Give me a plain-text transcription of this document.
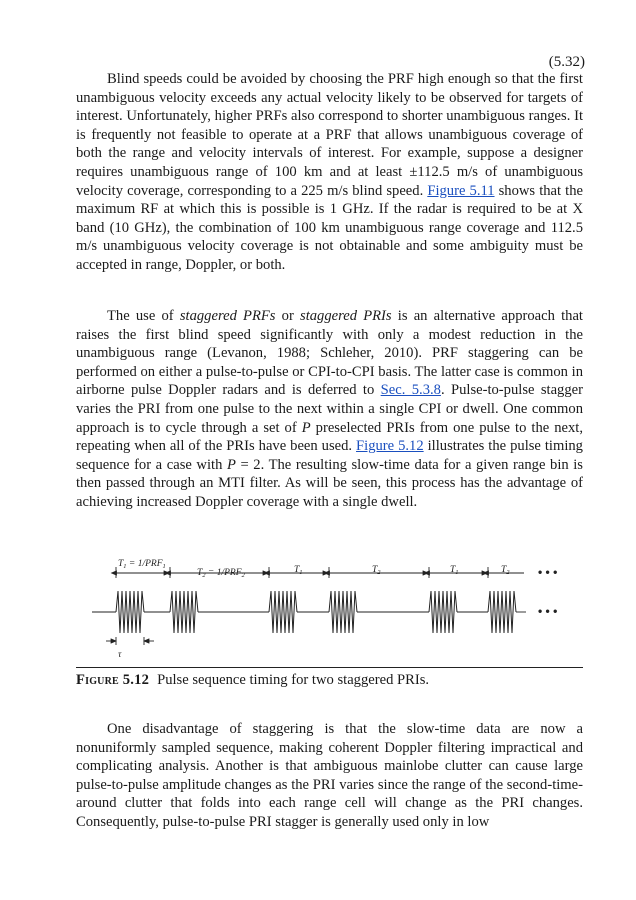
(5.32)

Blind speeds could be avoided by choosing the PRF high enough so that the first unambiguous velocity exceeds any actual velocity likely to be observed for targets of interest. Unfortunately, higher PRFs also correspond to shorter unambiguous ranges. It is frequently not feasible to operate at a PRF that allows unambiguous coverage of both the range and velocity intervals of interest. For example, suppose a designer requires unambiguous range of 100 km and at least ±112.5 m/s of unambiguous velocity coverage, corresponding to a 225 m/s blind speed. Figure 5.11 shows that the maximum RF at which this is possible is 1 GHz. If the radar is required to be at X band (10 GHz), the combination of 100 km unambiguous range coverage and 112.5 m/s unambiguous velocity coverage is not obtainable and some ambiguity must be accepted in range, Doppler, or both.

The use of staggered PRFs or staggered PRIs is an alternative approach that raises the first blind speed significantly with only a modest reduction in the unambiguous range (Levanon, 1988; Schleher, 2010). PRF staggering can be performed on either a pulse-to-pulse or CPI-to-CPI basis. The latter case is common in airborne pulse Doppler radars and is deferred to Sec. 5.3.8. Pulse-to-pulse stagger varies the PRI from one pulse to the next within a single CPI or dwell. One common approach is to cycle through a set of P preselected PRIs from one pulse to the next, repeating when all of the PRIs have been used. Figure 5.12 illustrates the pulse timing sequence for a case with P = 2. The resulting slow-time data for a given range bin is then passed through an MTI filter. As will be seen, this process has the advantage of achieving increased Doppler coverage with a single dwell.

$T_1 = 1/PRF_1$
$T_2 = 1/PRF_2$
$T_1$	$T_2$	$T_1$	$T_2$
τ
• • •
• • •
Figure 5.12 Pulse sequence timing for two staggered PRIs.

One disadvantage of staggering is that the slow-time data are now a nonuniformly sampled sequence, making coherent Doppler filtering impractical and complicating analysis. Another is that ambiguous mainlobe clutter can cause large pulse-to-pulse amplitude changes as the PRI varies since the range of the second-time-around clutter that folds into each range cell will change as the PRI changes. Consequently, pulse-to-pulse PRI stagger is generally used only in low
